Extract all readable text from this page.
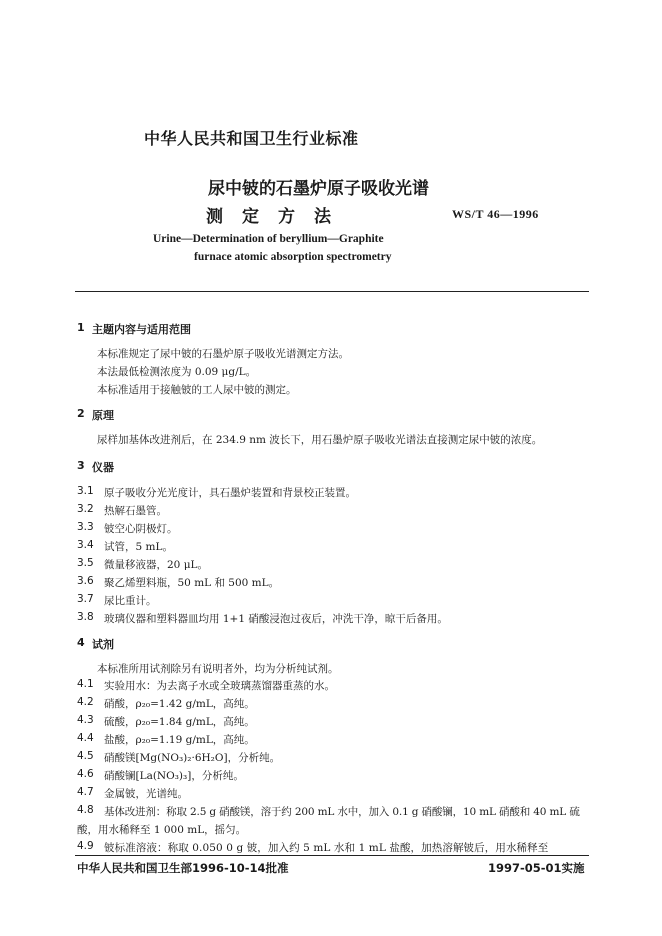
中华人民共和国卫生行业标准
尿中铍的石墨炉原子吸收光谱
测定方法	WS/T 46—1996
Urine—Determination of beryllium—Graphite
furnace atomic absorption spectrometry
1 主题内容与适用范围
本标准规定了尿中铍的石墨炉原子吸收光谱测定方法。
本法最低检测浓度为 0.09 μg/L。
本标准适用于接触铍的工人尿中铍的测定。
2 原理
尿样加基体改进剂后，在 234.9 nm 波长下，用石墨炉原子吸收光谱法直接测定尿中铍的浓度。
3 仪器
3.1 原子吸收分光光度计，具石墨炉装置和背景校正装置。
3.2 热解石墨管。
3.3 铍空心阴极灯。
3.4 试管，5 mL。
3.5 微量移液器，20 μL。
3.6 聚乙烯塑料瓶，50 mL 和 500 mL。
3.7 尿比重计。
3.8 玻璃仪器和塑料器皿均用 1+1 硝酸浸泡过夜后，冲洗干净，晾干后备用。
4 试剂
本标准所用试剂除另有说明者外，均为分析纯试剂。
4.1 实验用水：为去离子水或全玻璃蒸馏器重蒸的水。
4.2 硝酸，ρ₂₀=1.42 g/mL，高纯。
4.3 硫酸，ρ₂₀=1.84 g/mL，高纯。
4.4 盐酸，ρ₂₀=1.19 g/mL，高纯。
4.5 硝酸镁[Mg(NO₃)₂·6H₂O]，分析纯。
4.6 硝酸镧[La(NO₃)₃]，分析纯。
4.7 金属铍，光谱纯。
4.8 基体改进剂：称取 2.5 g 硝酸镁，溶于约 200 mL 水中，加入 0.1 g 硝酸镧，10 mL 硝酸和 40 mL 硫
酸，用水稀释至 1 000 mL，摇匀。
4.9 铍标准溶液：称取 0.050 0 g 铍，加入约 5 mL 水和 1 mL 盐酸，加热溶解铍后，用水稀释至
中华人民共和国卫生部1996-10-14批准	1997-05-01实施
